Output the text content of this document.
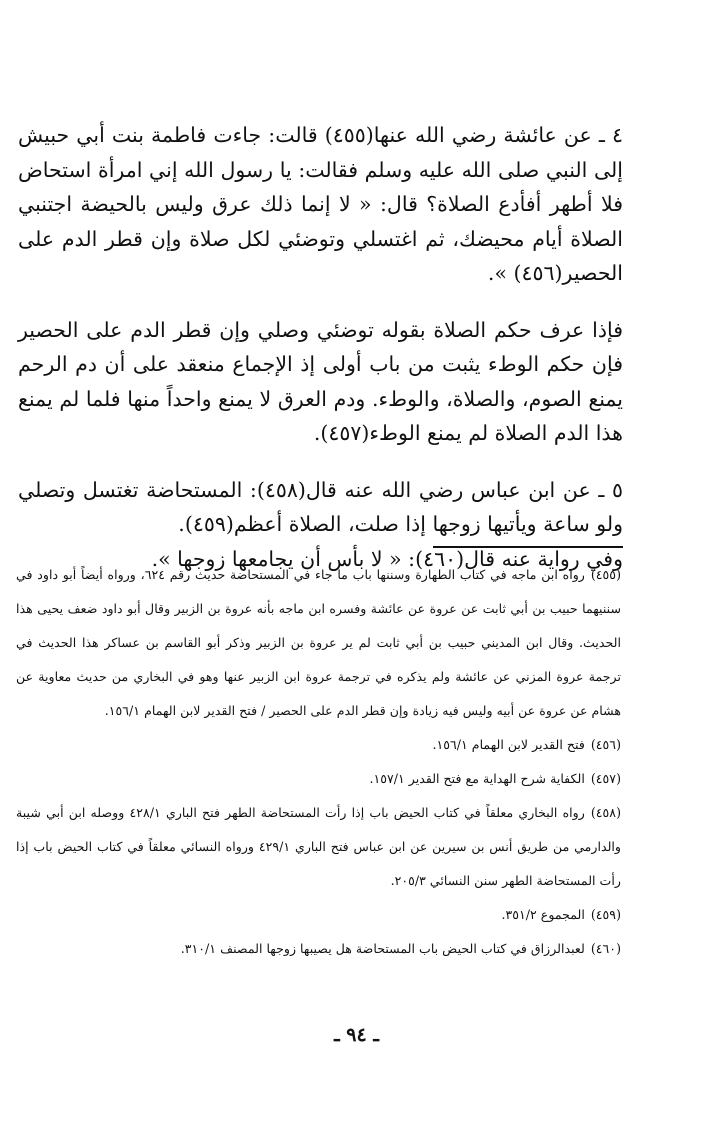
٤ ـ عن عائشة رضي الله عنها(٤٥٥) قالت: جاءت فاطمة بنت أبي حبيش إلى النبي صلى الله عليه وسلم فقالت: يا رسول الله إني امرأة استحاض فلا أطهر أفأدع الصلاة؟ قال: « لا إنما ذلك عرق وليس بالحيضة اجتنبي الصلاة أيام محيضك، ثم اغتسلي وتوضئي لكل صلاة وإن قطر الدم على الحصير(٤٥٦) ».

فإذا عرف حكم الصلاة بقوله توضئي وصلي وإن قطر الدم على الحصير فإن حكم الوطء يثبت من باب أولى إذ الإجماع منعقد على أن دم الرحم يمنع الصوم، والصلاة، والوطء. ودم العرق لا يمنع واحداً منها فلما لم يمنع هذا الدم الصلاة لم يمنع الوطء(٤٥٧).

٥ ـ عن ابن عباس رضي الله عنه قال(٤٥٨): المستحاضة تغتسل وتصلي ولو ساعة ويأتيها زوجها إذا صلت، الصلاة أعظم(٤٥٩).

وفي رواية عنه قال(٤٦٠): « لا بأس أن يجامعها زوجها ».

(٤٥٥)رواه ابن ماجه في كتاب الطهارة وسننها باب ما جاء في المستحاضة حديث رقم ٦٢٤، ورواه أيضاً أبو داود في سننيهما حبيب بن أبي ثابت عن عروة عن عائشة وفسره ابن ماجه بأنه عروة بن الزبير وقال أبو داود ضعف يحيى هذا الحديث. وقال ابن المديني حبيب بن أبي ثابت لم ير عروة بن الزبير وذكر أبو القاسم بن عساكر هذا الحديث في ترجمة عروة المزني عن عائشة ولم يذكره في ترجمة عروة ابن الزبير عنها وهو في البخاري من حديث معاوية عن هشام عن عروة عن أبيه وليس فيه زيادة وإن قطر الدم على الحصير / فتح القدير لابن الهمام ١٥٦/١.

(٤٥٦)فتح القدير لابن الهمام ١٥٦/١.

(٤٥٧)الكفاية شرح الهداية مع فتح القدير ١٥٧/١.

(٤٥٨)رواه البخاري معلقاً في كتاب الحيض باب إذا رأت المستحاضة الطهر فتح الباري ٤٢٨/١ ووصله ابن أبي شيبة والدارمي من طريق أنس بن سيرين عن ابن عباس فتح الباري ٤٢٩/١ ورواه النسائي معلقاً في كتاب الحيض باب إذا رأت المستحاضة الطهر سنن النسائي ٢٠٥/٣.

(٤٥٩)المجموع ٣٥١/٢.

(٤٦٠)لعبدالرزاق في كتاب الحيض باب المستحاضة هل يصيبها زوجها المصنف ٣١٠/١.

ـ ٩٤ ـ
